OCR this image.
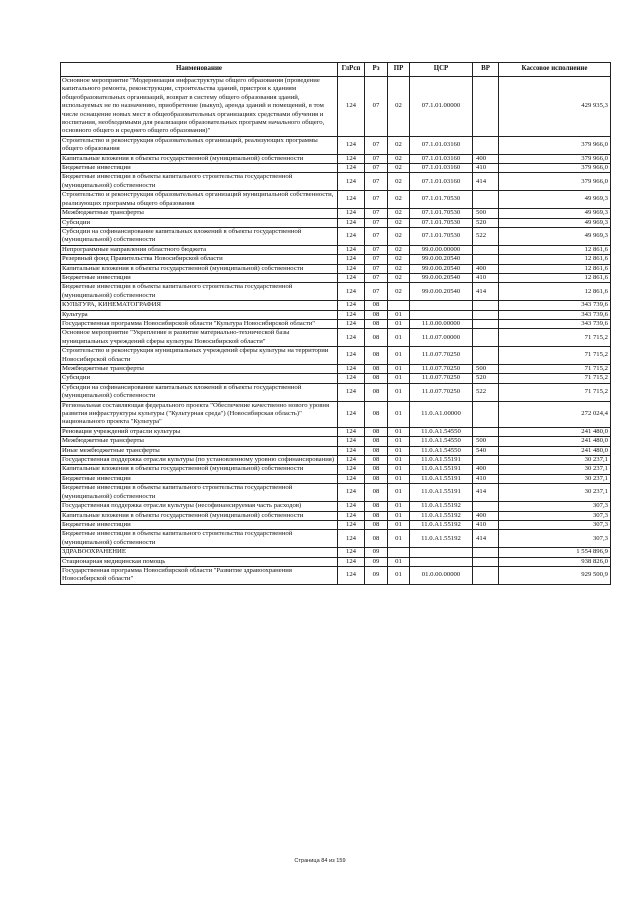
Наименование	ГлРсп	Рз	ПР	ЦСР	ВР	Кассовое исполнение
Основное мероприятие "Модернизация инфраструктуры общего образования (проведение капитального ремонта, реконструкции, строительства зданий, пристроя к зданиям общеобразовательных организаций, возврат в систему общего образования зданий, используемых не по назначению, приобретение (выкуп), аренда зданий и помещений, в том числе оснащение новых мест в общеобразовательных организациях средствами обучения и воспитания, необходимыми для реализации образовательных программ начального общего, основного общего и среднего общего образования)"	124	07	02	07.1.01.00000		429 935,3
Строительство и реконструкция образовательных организаций, реализующих программы общего образования	124	07	02	07.1.01.03160		379 966,0
Капитальные вложения в объекты государственной (муниципальной) собственности	124	07	02	07.1.01.03160	400	379 966,0
Бюджетные инвестиции	124	07	02	07.1.01.03160	410	379 966,0
Бюджетные инвестиции в объекты капитального строительства государственной (муниципальной) собственности	124	07	02	07.1.01.03160	414	379 966,0
Строительство и реконструкция образовательных организаций муниципальной собственности, реализующих программы общего образования	124	07	02	07.1.01.70530		49 969,3
Межбюджетные трансферты	124	07	02	07.1.01.70530	500	49 969,3
Субсидии	124	07	02	07.1.01.70530	520	49 969,3
Субсидии на софинансирование капитальных вложений в объекты государственной (муниципальной) собственности	124	07	02	07.1.01.70530	522	49 969,3
Непрограммные направления областного бюджета	124	07	02	99.0.00.00000		12 861,6
Резервный фонд Правительства Новосибирской области	124	07	02	99.0.00.20540		12 861,6
Капитальные вложения в объекты государственной (муниципальной) собственности	124	07	02	99.0.00.20540	400	12 861,6
Бюджетные инвестиции	124	07	02	99.0.00.20540	410	12 861,6
Бюджетные инвестиции в объекты капитального строительства государственной (муниципальной) собственности	124	07	02	99.0.00.20540	414	12 861,6
КУЛЬТУРА, КИНЕМАТОГРАФИЯ	124	08				343 739,6
Культура	124	08	01			343 739,6
Государственная программа Новосибирской области "Культура Новосибирской области"	124	08	01	11.0.00.00000		343 739,6
Основное мероприятие "Укрепление и развитие материально-технической базы муниципальных учреждений сферы культуры Новосибирской области"	124	08	01	11.0.07.00000		71 715,2
Строительство и реконструкция муниципальных учреждений сферы культуры на территории Новосибирской области	124	08	01	11.0.07.70250		71 715,2
Межбюджетные трансферты	124	08	01	11.0.07.70250	500	71 715,2
Субсидии	124	08	01	11.0.07.70250	520	71 715,2
Субсидии на софинансирование капитальных вложений в объекты государственной (муниципальной) собственности	124	08	01	11.0.07.70250	522	71 715,2
Региональная составляющая федерального проекта "Обеспечение качественно нового уровня развития инфраструктуры культуры ("Культурная среда") (Новосибирская область)" национального проекта "Культура"	124	08	01	11.0.A1.00000		272 024,4
Реновация учреждений отрасли культуры	124	08	01	11.0.A1.54550		241 480,0
Межбюджетные трансферты	124	08	01	11.0.A1.54550	500	241 480,0
Иные межбюджетные трансферты	124	08	01	11.0.A1.54550	540	241 480,0
Государственная поддержка отрасли культуры (по установленному уровню софинансирования)	124	08	01	11.0.A1.55191		30 237,1
Капитальные вложения в объекты государственной (муниципальной) собственности	124	08	01	11.0.A1.55191	400	30 237,1
Бюджетные инвестиции	124	08	01	11.0.A1.55191	410	30 237,1
Бюджетные инвестиции в объекты капитального строительства государственной (муниципальной) собственности	124	08	01	11.0.A1.55191	414	30 237,1
Государственная поддержка отрасли культуры (несофинансируемая часть расходов)	124	08	01	11.0.A1.55192		307,3
Капитальные вложения в объекты государственной (муниципальной) собственности	124	08	01	11.0.A1.55192	400	307,3
Бюджетные инвестиции	124	08	01	11.0.A1.55192	410	307,3
Бюджетные инвестиции в объекты капитального строительства государственной (муниципальной) собственности	124	08	01	11.0.A1.55192	414	307,3
ЗДРАВООХРАНЕНИЕ	124	09				1 554 896,9
Стационарная медицинская помощь	124	09	01			938 826,0
Государственная программа Новосибирской области "Развитие здравоохранения Новосибирской области"	124	09	01	01.0.00.00000		929 500,9
Страница 84 из 159
